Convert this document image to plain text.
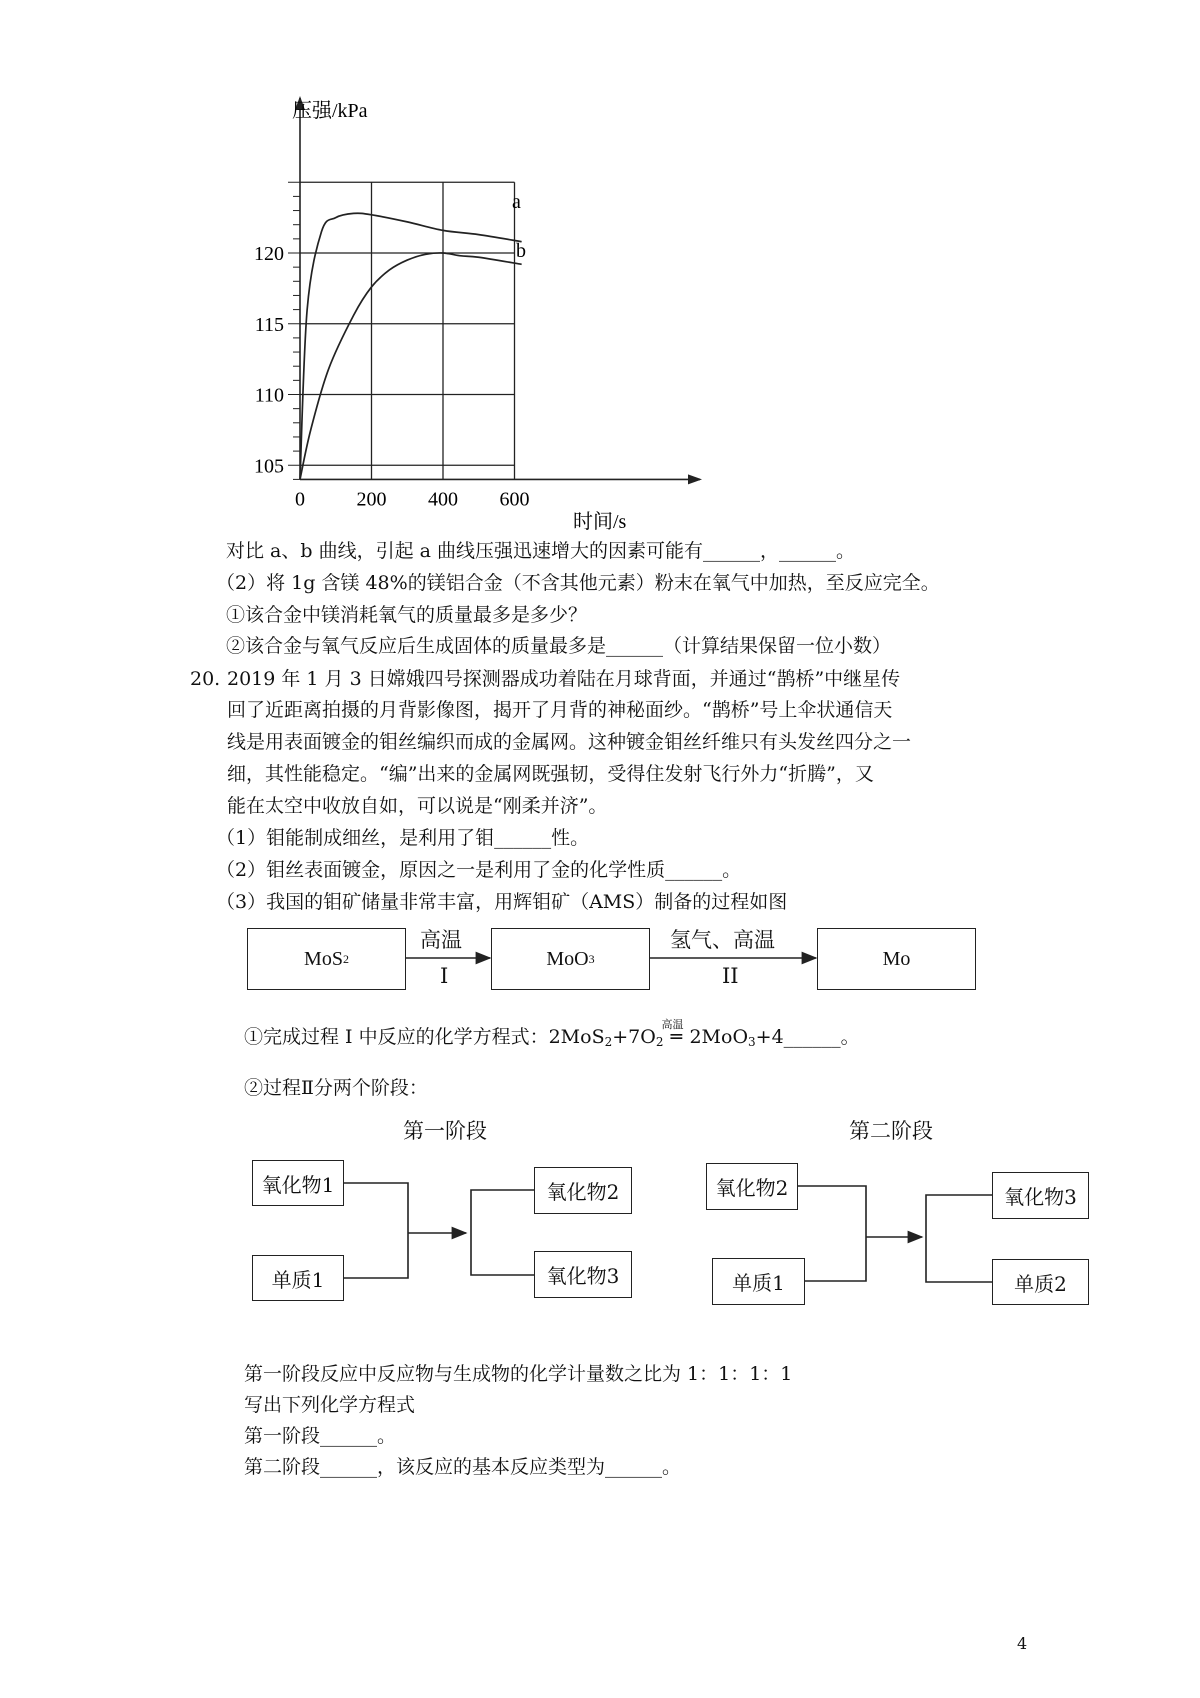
0	200 400 600
105
110
115
120
压强/kPa
时间/s
a
b
对比 a、b 曲线，引起 a 曲线压强迅速增大的因素可能有______，______。
（2）将 1g 含镁 48%的镁铝合金（不含其他元素）粉末在氧气中加热，至反应完全。
①该合金中镁消耗氧气的质量最多是多少？
②该合金与氧气反应后生成固体的质量最多是______（计算结果保留一位小数）
20. 2019 年 1 月 3 日嫦娥四号探测器成功着陆在月球背面，并通过“鹊桥”中继星传
回了近距离拍摄的月背影像图，揭开了月背的神秘面纱。“鹊桥”号上伞状通信天
线是用表面镀金的钼丝编织而成的金属网。这种镀金钼丝纤维只有头发丝四分之一
细，其性能稳定。“编”出来的金属网既强韧，受得住发射飞行外力“折腾”，又
能在太空中收放自如，可以说是“刚柔并济”。
（1）钼能制成细丝，是利用了钼______性。
（2）钼丝表面镀金，原因之一是利用了金的化学性质______。
（3）我国的钼矿储量非常丰富，用辉钼矿（AMS）制备的过程如图
MoS 2	MoO 3	Mo
高温
I
氢气、高温
II
①完成过程 I 中反应的化学方程式：$2MoS_2+7O_2$
高温
═ 2MoO$_3$+4______。
②过程Ⅱ分两个阶段：
第一阶段	第二阶段
氧化物1
单质1
氧化物2
氧化物3
氧化物2
单质1
氧化物3
单质2
第一阶段反应中反应物与生成物的化学计量数之比为 1：1：1：1
写出下列化学方程式
第一阶段______。
第二阶段______，该反应的基本反应类型为______。
4
